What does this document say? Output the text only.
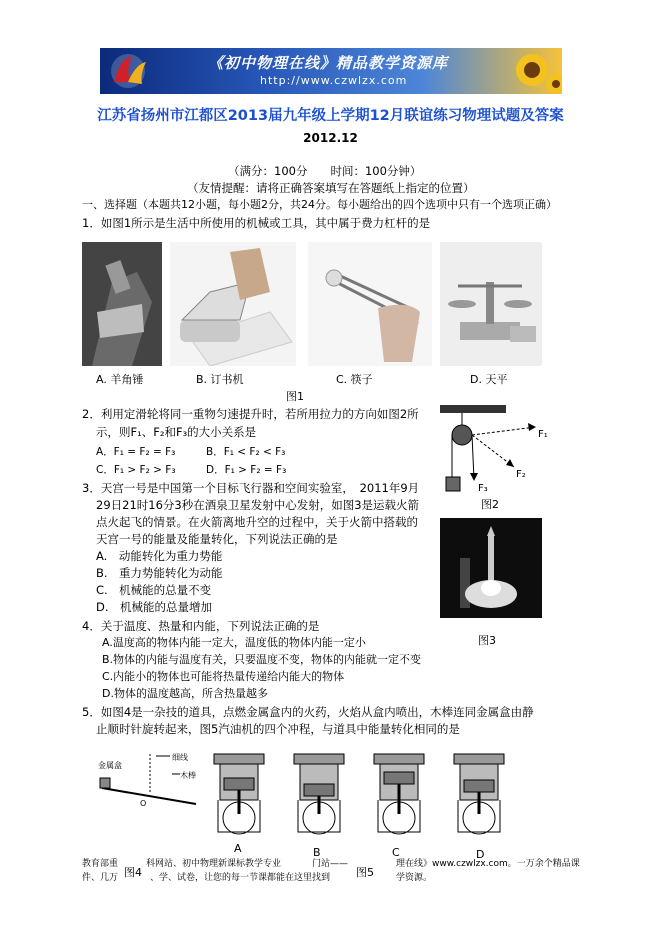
《初中物理在线》精品教学资源库
http://www.czwlzx.com
江苏省扬州市江都区2013届九年级上学期12月联谊练习物理试题及答案
2012.12
（满分：100分　　时间：100分钟）
（友情提醒：请将正确答案填写在答题纸上指定的位置）
一、选择题（本题共12小题，每小题2分，共24分。每小题给出的四个选项中只有一个选项正确）
1．如图1所示是生活中所使用的机械或工具，其中属于费力杠杆的是
A. 羊角锤	B. 订书机	C. 筷子	D. 天平
图1
2．利用定滑轮将同一重物匀速提升时，若所用拉力的方向如图2所
示，则F₁、F₂和F₃的大小关系是
A．F₁ = F₂ = F₃	B．F₁ < F₂ < F₃
C．F₁ > F₂ > F₃	D．F₁ > F₂ = F₃
F₁
F₂
F₃
图2
3．天宫一号是中国第一个目标飞行器和空间实验室，　2011年9月
29日21时16分3秒在酒泉卫星发射中心发射，如图3是运载火箭
点火起飞的情景。在火箭离地升空的过程中，关于火箭中搭载的
天宫一号的能量及能量转化，下列说法正确的是
A.　动能转化为重力势能
B.　重力势能转化为动能
C.　机械能的总量不变
D.　机械能的总量增加
图3
4．关于温度、热量和内能，下列说法正确的是
A.温度高的物体内能一定大，温度低的物体内能一定小
B.物体的内能与温度有关，只要温度不变，物体的内能就一定不变
C.内能小的物体也可能将热量传递给内能大的物体
D.物体的温度越高，所含热量越多
5．如图4是一杂技的道具，点燃金属盒内的火药，火焰从盒内喷出，木棒连同金属盒由静
止顺时针旋转起来，图5汽油机的四个冲程，与道具中能量转化相同的是
金属盒
细线
木棒
O
A	B	C	D
教育部重	科网站、初中物理新课标教学专业	门站——	理在线》www.czwlzx.com。一万余个精品课
件、几万 图4 、学、试卷，让您的每一节课都能在这里找到 图5 学资源。
